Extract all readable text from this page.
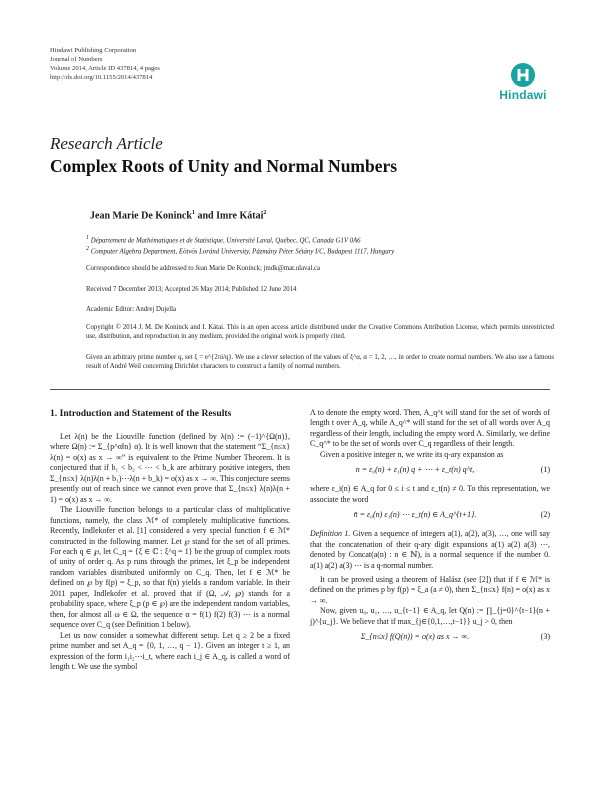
Hindawi Publishing Corporation
Journal of Numbers
Volume 2014, Article ID 437814, 4 pages
http://dx.doi.org/10.1155/2014/437814
Hindawi
Research Article
Complex Roots of Unity and Normal Numbers
Jean Marie De Koninck$^1$ and Imre Kátai$^2$
$^1$ Département de Mathématiques et de Statistique, Université Laval, Québec, QC, Canada G1V 0A6
$^2$ Computer Algebra Department, Eötvös Loránd University, Pázmány Péter Sétány I/C, Budapest 1117, Hungary
Correspondence should be addressed to Jean Marie De Koninck; jmdk@mat.ulaval.ca
Received 7 December 2013; Accepted 26 May 2014; Published 12 June 2014
Academic Editor: Andrej Dujella
Copyright © 2014 J. M. De Koninck and I. Kátai. This is an open access article distributed under the Creative Commons Attribution License, which permits unrestricted use, distribution, and reproduction in any medium, provided the original work is properly cited.
Given an arbitrary prime number q, set ξ = e^{2πi/q}. We use a clever selection of the values of ξ^α, α = 1, 2, …, in order to create normal numbers. We also use a famous result of André Weil concerning Dirichlet characters to construct a family of normal numbers.
1. Introduction and Statement of the Results

Let λ(n) be the Liouville function (defined by λ(n) := (−1)^{Ω(n)}, where Ω(n) := Σ_{p^α‖n} α). It is well known that the statement “Σ_{n≤x} λ(n) = o(x) as x → ∞” is equivalent to the Prime Number Theorem. It is conjectured that if b₁ < b₂ < ⋯ < b_k are arbitrary positive integers, then Σ_{n≤x} λ(n)λ(n + b₁)⋯λ(n + b_k) = o(x) as x → ∞. This conjecture seems presently out of reach since we cannot even prove that Σ_{n≤x} λ(n)λ(n + 1) = o(x) as x → ∞.

The Liouville function belongs to a particular class of multiplicative functions, namely, the class ℳ* of completely multiplicative functions. Recently, Indlekofer et al. [1] considered a very special function f ∈ ℳ* constructed in the following manner. Let ℘ stand for the set of all primes. For each q ∈ ℘, let C_q = {ξ ∈ ℂ : ξ^q = 1} be the group of complex roots of unity of order q. As p runs through the primes, let ξ_p be independent random variables distributed uniformly on C_q. Then, let f ∈ ℳ* be defined on ℘ by f(p) = ξ_p, so that f(n) yields a random variable. In their 2011 paper, Indlekofer et al. proved that if (Ω, 𝒜, ℘) stands for a probability space, where ξ_p (p ∈ ℘) are the independent random variables, then, for almost all ω ∈ Ω, the sequence α = f(1) f(2) f(3) ⋯ is a normal sequence over C_q (see Definition 1 below).

Let us now consider a somewhat different setup. Let q ≥ 2 be a fixed prime number and set A_q = {0, 1, …, q − 1}. Given an integer t ≥ 1, an expression of the form i₁i₂⋯i_t, where each i_j ∈ A_q, is called a word of length t. We use the symbol

Λ to denote the empty word. Then, A_q^t will stand for the set of words of length t over A_q, while A_q^* will stand for the set of all words over A_q regardless of their length, including the empty word Λ. Similarly, we define C_q^* to be the set of words over C_q regardless of their length.

Given a positive integer n, we write its q-ary expansion as

n = ε₀(n) + ε₁(n) q + ⋯ + ε_t(n) q^t,	(1)

where ε_i(n) ∈ A_q for 0 ≤ i ≤ t and ε_t(n) ≠ 0. To this representation, we associate the word

n̄ = ε₀(n) ε₁(n) ⋯ ε_t(n) ∈ A_q^{t+1}.	(2)

Definition 1. Given a sequence of integers a(1), a(2), a(3), …, one will say that the concatenation of their q-ary digit expansions a(1) a(2) a(3) ⋯, denoted by Concat(a(n) : n ∈ ℕ), is a normal sequence if the number 0. a(1) a(2) a(3) ⋯ is a q-normal number.

It can be proved using a theorem of Halász (see [2]) that if f ∈ ℳ* is defined on the primes p by f(p) = ξ_a (a ≠ 0), then Σ_{n≤x} f(n) = o(x) as x → ∞.

Now, given u₀, u₁, …, u_{t−1} ∈ A_q, let Q(n) := ∏_{j=0}^{t−1}(n + j)^{u_j}. We believe that if max_{j∈{0,1,…,t−1}} u_j > 0, then

Σ_{n≤x} f(Q(n)) = o(x) as x → ∞.	(3)
